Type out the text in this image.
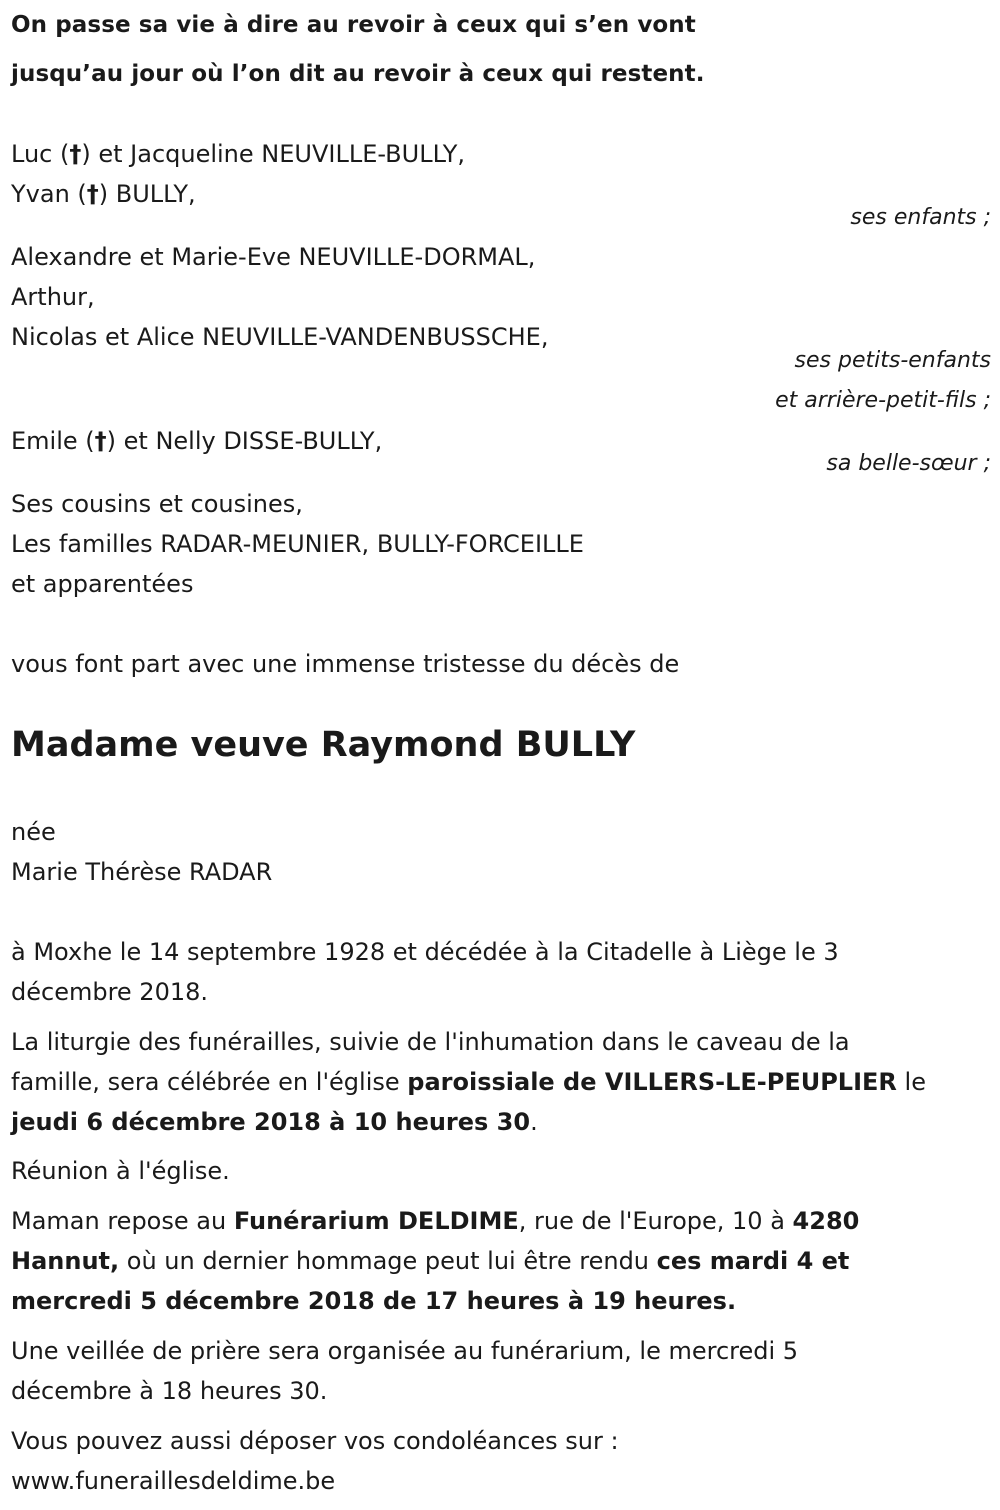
On passe sa vie à dire au revoir à ceux qui s’en vont
jusqu’au jour où l’on dit au revoir à ceux qui restent.
Luc (†) et Jacqueline NEUVILLE-BULLY,
Yvan (†) BULLY,
ses enfants ;
Alexandre et Marie-Eve NEUVILLE-DORMAL,
Arthur,
Nicolas et Alice NEUVILLE-VANDENBUSSCHE,
ses petits-enfants
et arrière-petit-fils ;
Emile (†) et Nelly DISSE-BULLY,
sa belle-sœur ;
Ses cousins et cousines,
Les familles RADAR-MEUNIER, BULLY-FORCEILLE
et apparentées
vous font part avec une immense tristesse du décès de
Madame veuve Raymond BULLY
née
Marie Thérèse RADAR
à Moxhe le 14 septembre 1928 et décédée à la Citadelle à Liège le 3
décembre 2018.
La liturgie des funérailles, suivie de l'inhumation dans le caveau de la
famille, sera célébrée en l'église paroissiale de VILLERS-LE-PEUPLIER le
jeudi 6 décembre 2018 à 10 heures 30.
Réunion à l'église.
Maman repose au Funérarium DELDIME, rue de l'Europe, 10 à 4280
Hannut, où un dernier hommage peut lui être rendu ces mardi 4 et
mercredi 5 décembre 2018 de 17 heures à 19 heures.
Une veillée de prière sera organisée au funérarium, le mercredi 5
décembre à 18 heures 30.
Vous pouvez aussi déposer vos condoléances sur :
www.funeraillesdeldime.be
